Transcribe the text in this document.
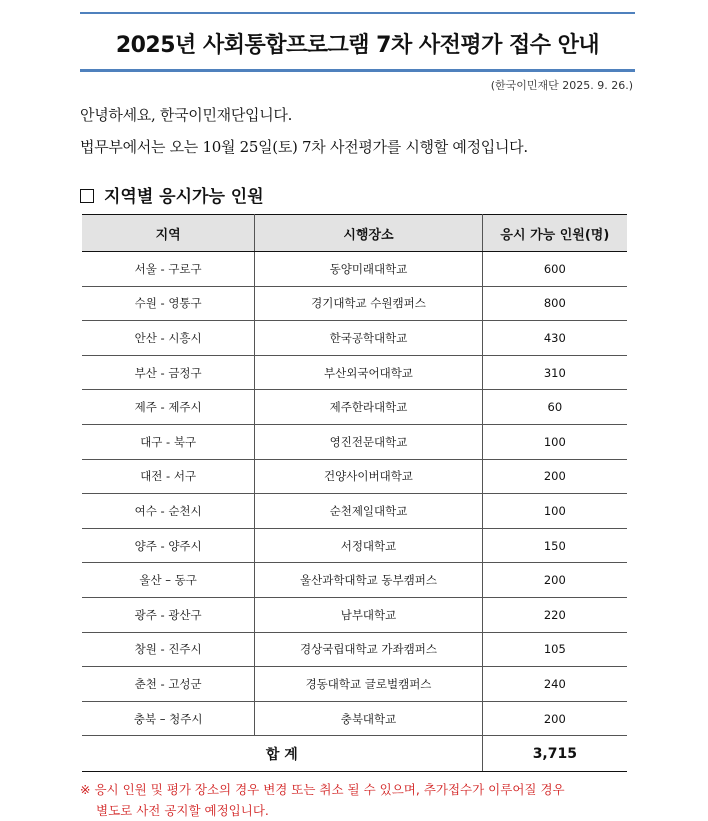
2025년 사회통합프로그램 7차 사전평가 접수 안내
(한국이민재단 2025. 9. 26.)
안녕하세요, 한국이민재단입니다.
법무부에서는 오는 10월 25일(토) 7차 사전평가를 시행할 예정입니다.
지역별 응시가능 인원
지역	시행장소	응시 가능 인원(명)
서울 - 구로구	동양미래대학교	600
수원 - 영통구	경기대학교 수원캠퍼스	800
안산 - 시흥시	한국공학대학교	430
부산 - 금정구	부산외국어대학교	310
제주 - 제주시	제주한라대학교	60
대구 - 북구	영진전문대학교	100
대전 - 서구	건양사이버대학교	200
여수 - 순천시	순천제일대학교	100
양주 - 양주시	서정대학교	150
울산 – 동구	울산과학대학교 동부캠퍼스	200
광주 - 광산구	남부대학교	220
창원 - 진주시	경상국립대학교 가좌캠퍼스	105
춘천 - 고성군	경동대학교 글로벌캠퍼스	240
충북 – 청주시	충북대학교	200
합 계		3,715
※ 응시 인원 및 평가 장소의 경우 변경 또는 취소 될 수 있으며, 추가접수가 이루어질 경우
별도로 사전 공지할 예정입니다.
